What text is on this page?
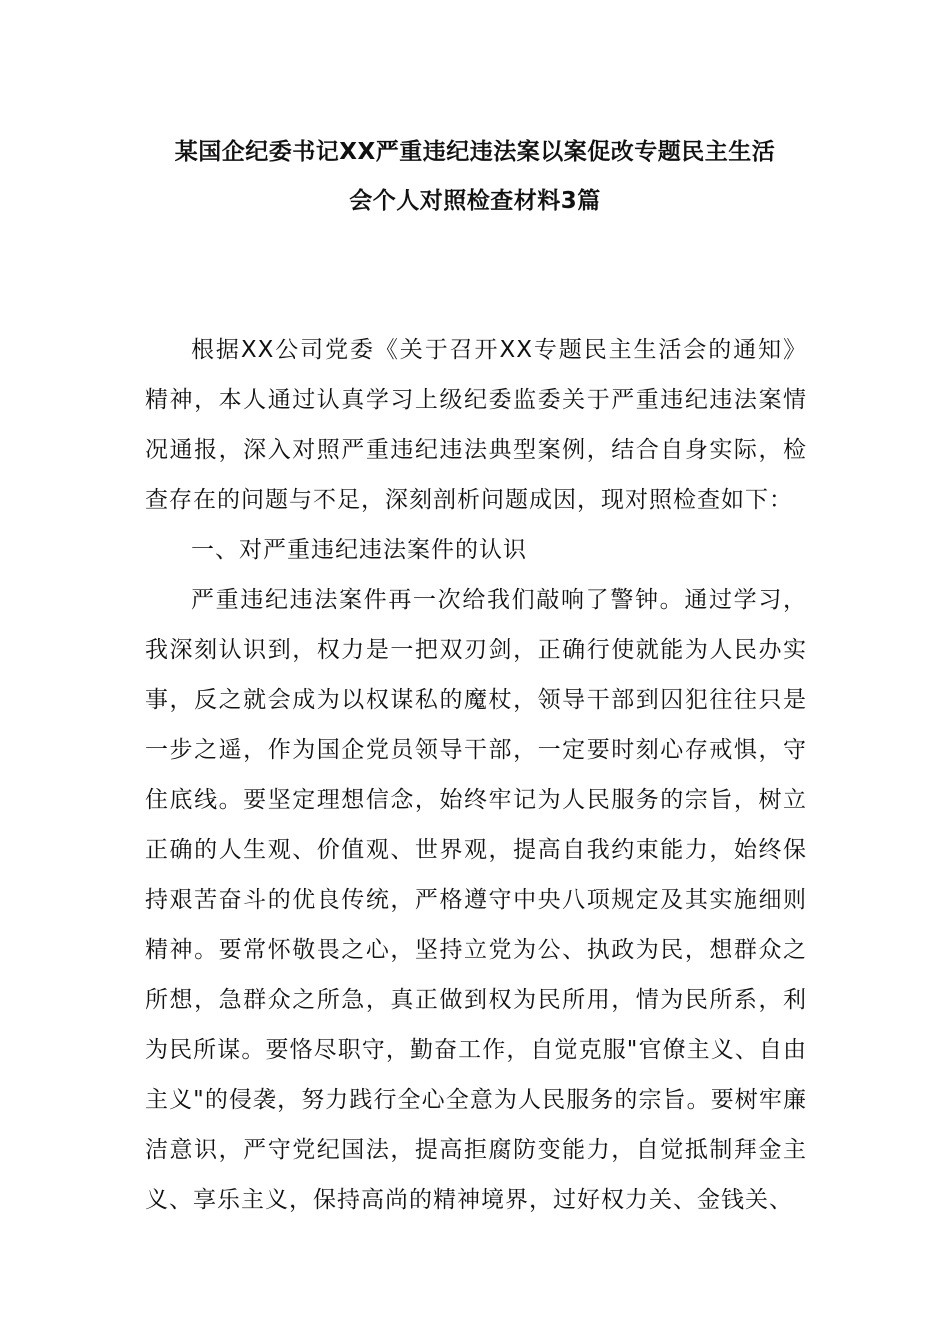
某国企纪委书记XX严重违纪违法案以案促改专题民主生活
会个人对照检查材料3篇

根据XX公司党委《关于召开XX专题民主生活会的通知》精神，本人通过认真学习上级纪委监委关于严重违纪违法案情况通报，深入对照严重违纪违法典型案例，结合自身实际，检查存在的问题与不足，深刻剖析问题成因，现对照检查如下：

一、对严重违纪违法案件的认识

严重违纪违法案件再一次给我们敲响了警钟。通过学习，我深刻认识到，权力是一把双刃剑，正确行使就能为人民办实事，反之就会成为以权谋私的魔杖，领导干部到囚犯往往只是一步之遥，作为国企党员领导干部，一定要时刻心存戒惧，守住底线。要坚定理想信念，始终牢记为人民服务的宗旨，树立正确的人生观、价值观、世界观，提高自我约束能力，始终保持艰苦奋斗的优良传统，严格遵守中央八项规定及其实施细则精神。要常怀敬畏之心，坚持立党为公、执政为民，想群众之所想，急群众之所急，真正做到权为民所用，情为民所系，利为民所谋。要恪尽职守，勤奋工作，自觉克服"官僚主义、自由主义"的侵袭，努力践行全心全意为人民服务的宗旨。要树牢廉洁意识，严守党纪国法，提高拒腐防变能力，自觉抵制拜金主义、享乐主义，保持高尚的精神境界，过好权力关、金钱关、
